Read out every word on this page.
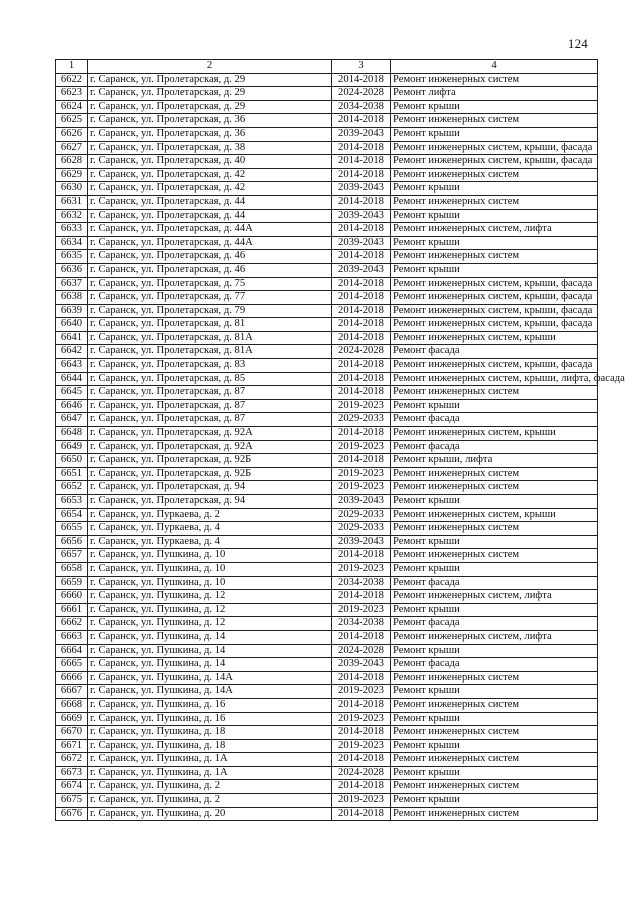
124
1	2	3	4
6622	г. Саранск, ул. Пролетарская, д. 29	2014-2018	Ремонт инженерных систем
6623	г. Саранск, ул. Пролетарская, д. 29	2024-2028	Ремонт лифта
6624	г. Саранск, ул. Пролетарская, д. 29	2034-2038	Ремонт крыши
6625	г. Саранск, ул. Пролетарская, д. 36	2014-2018	Ремонт инженерных систем
6626	г. Саранск, ул. Пролетарская, д. 36	2039-2043	Ремонт крыши
6627	г. Саранск, ул. Пролетарская, д. 38	2014-2018	Ремонт инженерных систем, крыши, фасада
6628	г. Саранск, ул. Пролетарская, д. 40	2014-2018	Ремонт инженерных систем, крыши, фасада
6629	г. Саранск, ул. Пролетарская, д. 42	2014-2018	Ремонт инженерных систем
6630	г. Саранск, ул. Пролетарская, д. 42	2039-2043	Ремонт крыши
6631	г. Саранск, ул. Пролетарская, д. 44	2014-2018	Ремонт инженерных систем
6632	г. Саранск, ул. Пролетарская, д. 44	2039-2043	Ремонт крыши
6633	г. Саранск, ул. Пролетарская, д. 44А	2014-2018	Ремонт инженерных систем, лифта
6634	г. Саранск, ул. Пролетарская, д. 44А	2039-2043	Ремонт крыши
6635	г. Саранск, ул. Пролетарская, д. 46	2014-2018	Ремонт инженерных систем
6636	г. Саранск, ул. Пролетарская, д. 46	2039-2043	Ремонт крыши
6637	г. Саранск, ул. Пролетарская, д. 75	2014-2018	Ремонт инженерных систем, крыши, фасада
6638	г. Саранск, ул. Пролетарская, д. 77	2014-2018	Ремонт инженерных систем, крыши, фасада
6639	г. Саранск, ул. Пролетарская, д. 79	2014-2018	Ремонт инженерных систем, крыши, фасада
6640	г. Саранск, ул. Пролетарская, д. 81	2014-2018	Ремонт инженерных систем, крыши, фасада
6641	г. Саранск, ул. Пролетарская, д. 81А	2014-2018	Ремонт инженерных систем, крыши
6642	г. Саранск, ул. Пролетарская, д. 81А	2024-2028	Ремонт фасада
6643	г. Саранск, ул. Пролетарская, д. 83	2014-2018	Ремонт инженерных систем, крыши, фасада
6644	г. Саранск, ул. Пролетарская, д. 85	2014-2018	Ремонт инженерных систем, крыши, лифта, фасада
6645	г. Саранск, ул. Пролетарская, д. 87	2014-2018	Ремонт инженерных систем
6646	г. Саранск, ул. Пролетарская, д. 87	2019-2023	Ремонт крыши
6647	г. Саранск, ул. Пролетарская, д. 87	2029-2033	Ремонт фасада
6648	г. Саранск, ул. Пролетарская, д. 92А	2014-2018	Ремонт инженерных систем, крыши
6649	г. Саранск, ул. Пролетарская, д. 92А	2019-2023	Ремонт фасада
6650	г. Саранск, ул. Пролетарская, д. 92Б	2014-2018	Ремонт крыши, лифта
6651	г. Саранск, ул. Пролетарская, д. 92Б	2019-2023	Ремонт инженерных систем
6652	г. Саранск, ул. Пролетарская, д. 94	2019-2023	Ремонт инженерных систем
6653	г. Саранск, ул. Пролетарская, д. 94	2039-2043	Ремонт крыши
6654	г. Саранск, ул. Пуркаева, д. 2	2029-2033	Ремонт инженерных систем, крыши
6655	г. Саранск, ул. Пуркаева, д. 4	2029-2033	Ремонт инженерных систем
6656	г. Саранск, ул. Пуркаева, д. 4	2039-2043	Ремонт крыши
6657	г. Саранск, ул. Пушкина, д. 10	2014-2018	Ремонт инженерных систем
6658	г. Саранск, ул. Пушкина, д. 10	2019-2023	Ремонт крыши
6659	г. Саранск, ул. Пушкина, д. 10	2034-2038	Ремонт фасада
6660	г. Саранск, ул. Пушкина, д. 12	2014-2018	Ремонт инженерных систем, лифта
6661	г. Саранск, ул. Пушкина, д. 12	2019-2023	Ремонт крыши
6662	г. Саранск, ул. Пушкина, д. 12	2034-2038	Ремонт фасада
6663	г. Саранск, ул. Пушкина, д. 14	2014-2018	Ремонт инженерных систем, лифта
6664	г. Саранск, ул. Пушкина, д. 14	2024-2028	Ремонт крыши
6665	г. Саранск, ул. Пушкина, д. 14	2039-2043	Ремонт фасада
6666	г. Саранск, ул. Пушкина, д. 14А	2014-2018	Ремонт инженерных систем
6667	г. Саранск, ул. Пушкина, д. 14А	2019-2023	Ремонт крыши
6668	г. Саранск, ул. Пушкина, д. 16	2014-2018	Ремонт инженерных систем
6669	г. Саранск, ул. Пушкина, д. 16	2019-2023	Ремонт крыши
6670	г. Саранск, ул. Пушкина, д. 18	2014-2018	Ремонт инженерных систем
6671	г. Саранск, ул. Пушкина, д. 18	2019-2023	Ремонт крыши
6672	г. Саранск, ул. Пушкина, д. 1А	2014-2018	Ремонт инженерных систем
6673	г. Саранск, ул. Пушкина, д. 1А	2024-2028	Ремонт крыши
6674	г. Саранск, ул. Пушкина, д. 2	2014-2018	Ремонт инженерных систем
6675	г. Саранск, ул. Пушкина, д. 2	2019-2023	Ремонт крыши
6676	г. Саранск, ул. Пушкина, д. 20	2014-2018	Ремонт инженерных систем
